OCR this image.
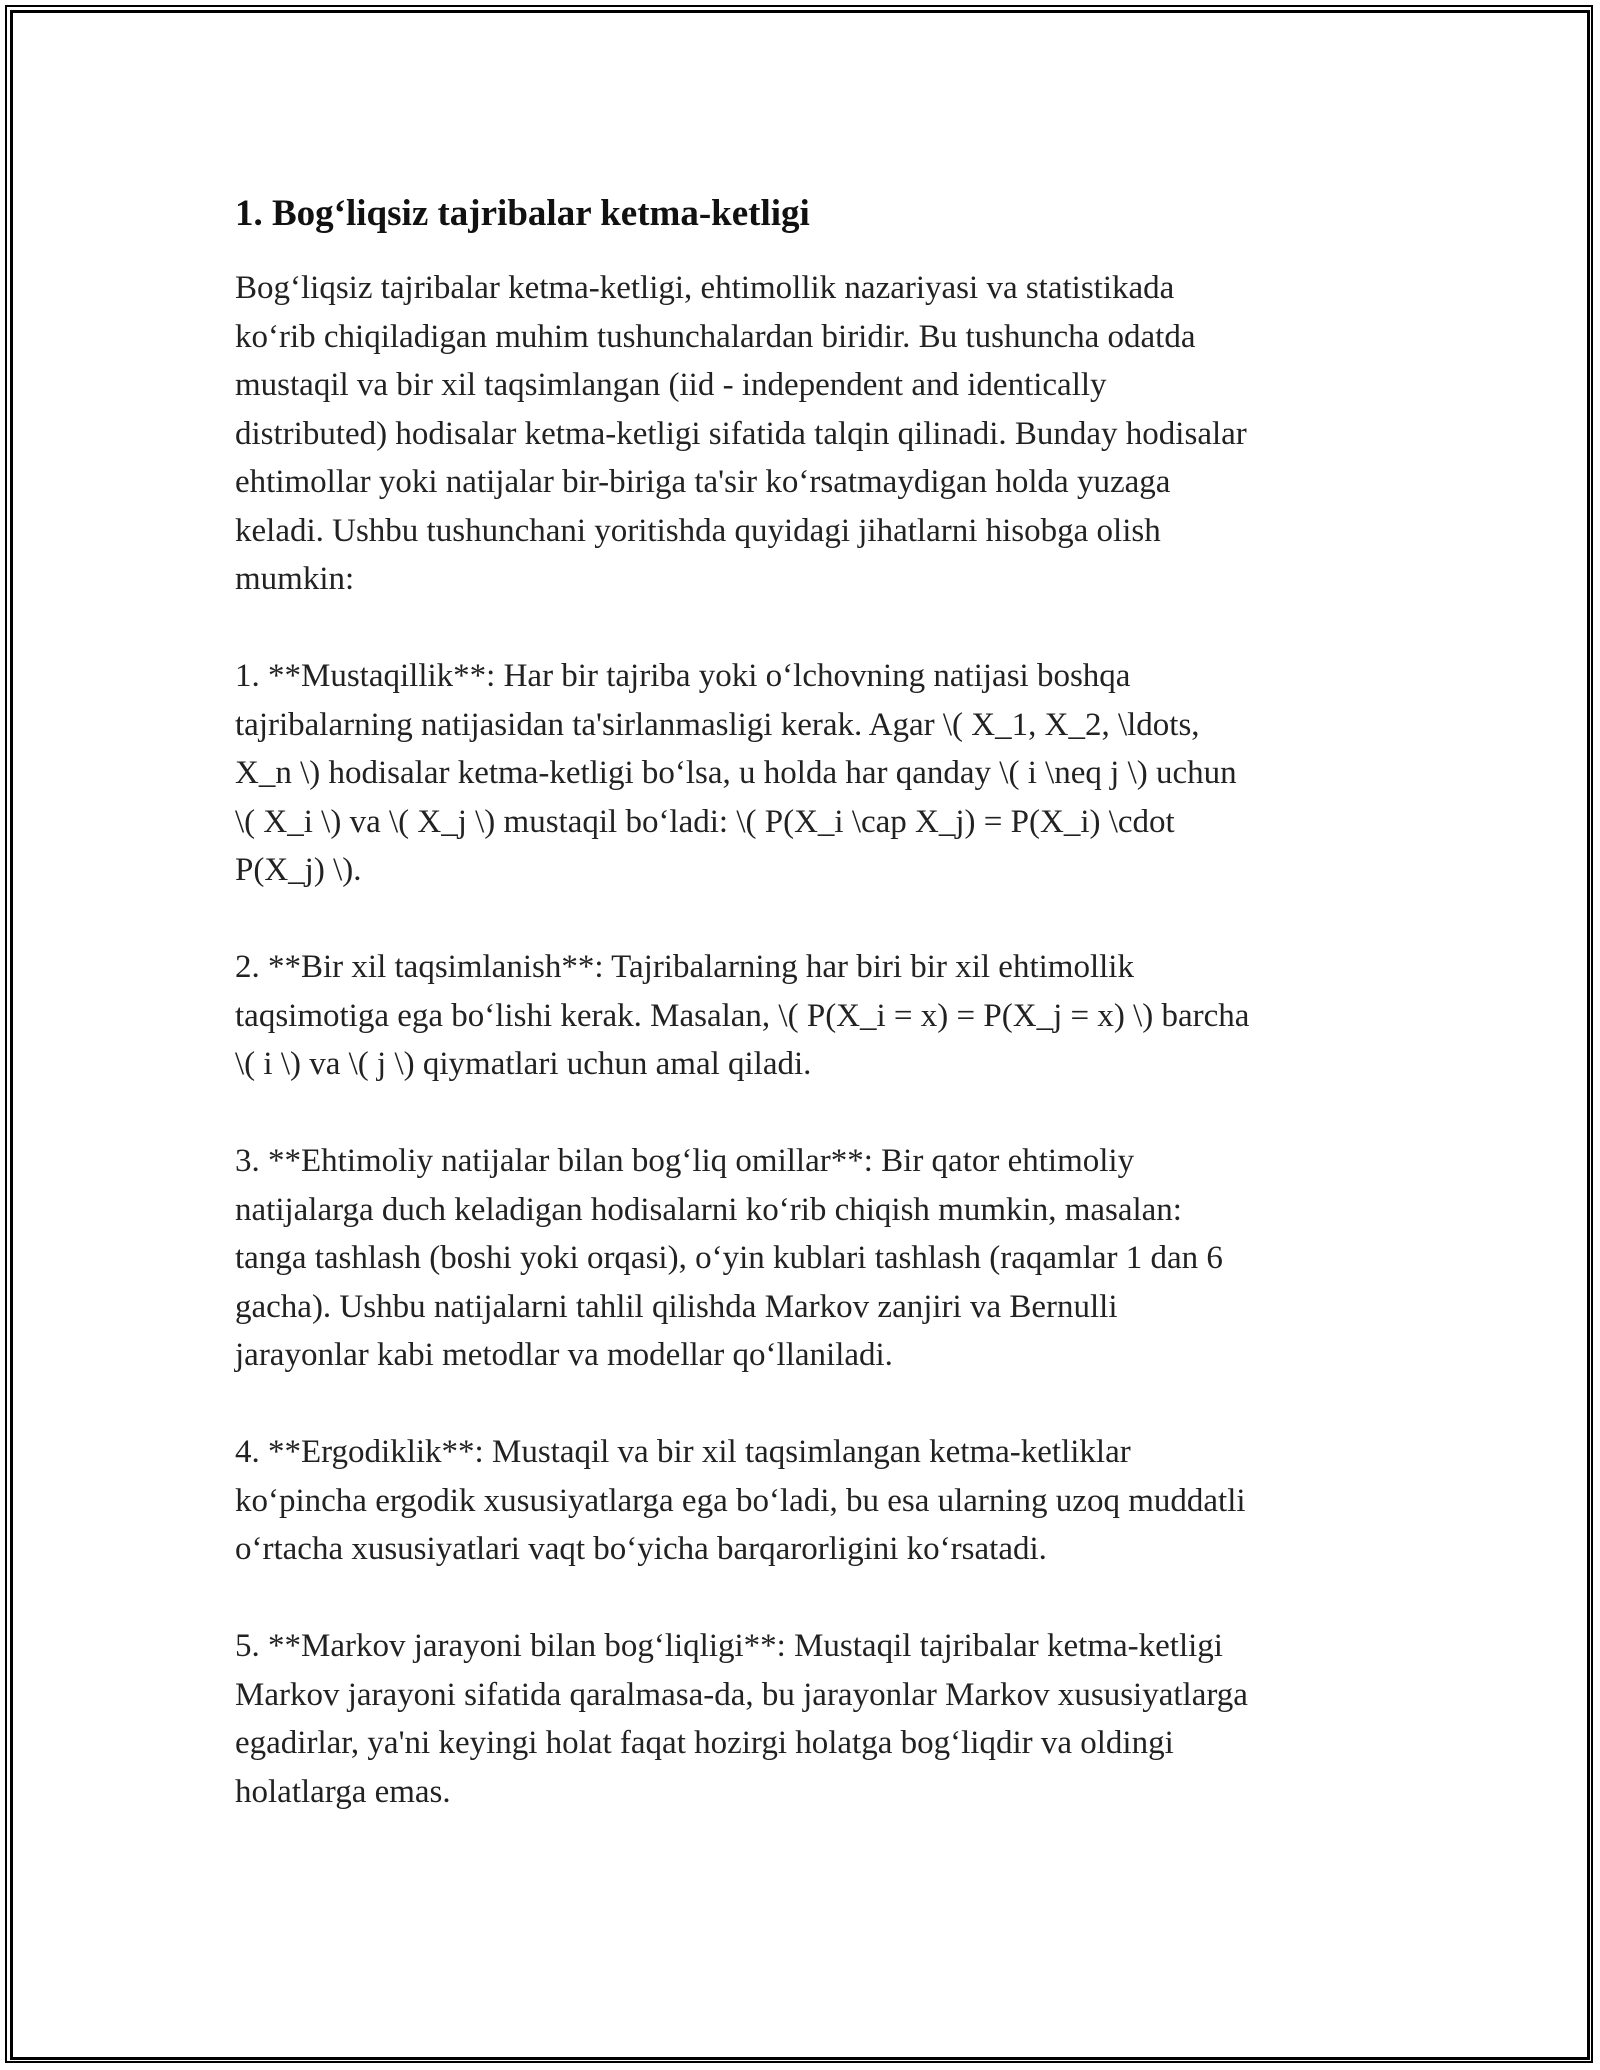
1. Bog‘liqsiz tajribalar ketma-ketligi

Bog‘liqsiz tajribalar ketma-ketligi, ehtimollik nazariyasi va statistikada
ko‘rib chiqiladigan muhim tushunchalardan biridir. Bu tushuncha odatda
mustaqil va bir xil taqsimlangan (iid - independent and identically
distributed) hodisalar ketma-ketligi sifatida talqin qilinadi. Bunday hodisalar
ehtimollar yoki natijalar bir-biriga ta'sir ko‘rsatmaydigan holda yuzaga
keladi. Ushbu tushunchani yoritishda quyidagi jihatlarni hisobga olish
mumkin:

1. **Mustaqillik**: Har bir tajriba yoki o‘lchovning natijasi boshqa
tajribalarning natijasidan ta'sirlanmasligi kerak. Agar \( X_1, X_2, \ldots,
X_n \) hodisalar ketma-ketligi bo‘lsa, u holda har qanday \( i \neq j \) uchun
\( X_i \) va \( X_j \) mustaqil bo‘ladi: \( P(X_i \cap X_j) = P(X_i) \cdot
P(X_j) \).

2. **Bir xil taqsimlanish**: Tajribalarning har biri bir xil ehtimollik
taqsimotiga ega bo‘lishi kerak. Masalan, \( P(X_i = x) = P(X_j = x) \) barcha
\( i \) va \( j \) qiymatlari uchun amal qiladi.

3. **Ehtimoliy natijalar bilan bog‘liq omillar**: Bir qator ehtimoliy
natijalarga duch keladigan hodisalarni ko‘rib chiqish mumkin, masalan:
tanga tashlash (boshi yoki orqasi), o‘yin kublari tashlash (raqamlar 1 dan 6
gacha). Ushbu natijalarni tahlil qilishda Markov zanjiri va Bernulli
jarayonlar kabi metodlar va modellar qo‘llaniladi.

4. **Ergodiklik**: Mustaqil va bir xil taqsimlangan ketma-ketliklar
ko‘pincha ergodik xususiyatlarga ega bo‘ladi, bu esa ularning uzoq muddatli
o‘rtacha xususiyatlari vaqt bo‘yicha barqarorligini ko‘rsatadi.

5. **Markov jarayoni bilan bog‘liqligi**: Mustaqil tajribalar ketma-ketligi
Markov jarayoni sifatida qaralmasa-da, bu jarayonlar Markov xususiyatlarga
egadirlar, ya'ni keyingi holat faqat hozirgi holatga bog‘liqdir va oldingi
holatlarga emas.
